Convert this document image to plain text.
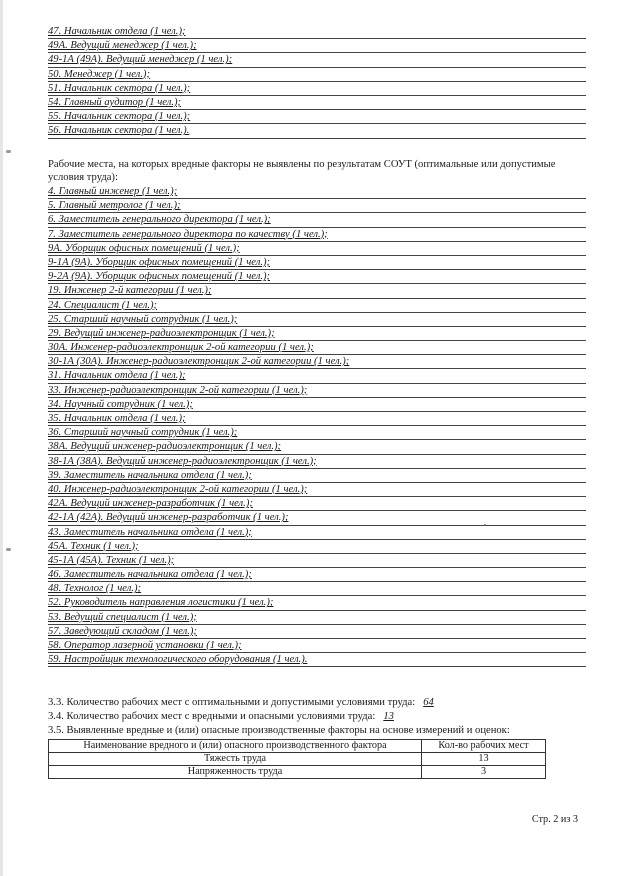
47. Начальник отдела (1 чел.);
49А. Ведущий менеджер (1 чел.);
49-1А (49А). Ведущий менеджер (1 чел.);
50. Менеджер (1 чел.);
51. Начальник сектора (1 чел.);
54. Главный аудитор (1 чел.);
55. Начальник сектора (1 чел.);
56. Начальник сектора (1 чел.).
Рабочие места, на которых вредные факторы не выявлены по результатам СОУТ (оптимальные или допустимые условия труда):
4. Главный инженер (1 чел.);
5. Главный метролог (1 чел.);
6. Заместитель генерального директора (1 чел.);
7. Заместитель генерального директора по качеству (1 чел.);
9А. Уборщик офисных помещений (1 чел.);
9-1А (9А). Уборщик офисных помещений (1 чел.);
9-2А (9А). Уборщик офисных помещений (1 чел.);
19. Инженер 2-й категории (1 чел.);
24. Специалист (1 чел.);
25. Старший научный сотрудник (1 чел.);
29. Ведущий инженер-радиоэлектронщик (1 чел.);
30А. Инженер-радиоэлектронщик 2-ой категории (1 чел.);
30-1А (30А). Инженер-радиоэлектронщик 2-ой категории (1 чел.);
31. Начальник отдела (1 чел.);
33. Инженер-радиоэлектронщик 2-ой категории (1 чел.);
34. Научный сотрудник (1 чел.);
35. Начальник отдела (1 чел.);
36. Старший научный сотрудник (1 чел.);
38А. Ведущий инженер-радиоэлектронщик (1 чел.);
38-1А (38А). Ведущий инженер-радиоэлектронщик (1 чел.);
39. Заместитель начальника отдела (1 чел.);
40. Инженер-радиоэлектронщик 2-ой категории (1 чел.);
42А. Ведущий инженер-разработчик (1 чел.);
42-1А (42А). Ведущий инженер-разработчик (1 чел.);
43. Заместитель начальника отдела (1 чел.);
45А. Техник (1 чел.);
45-1А (45А). Техник (1 чел.);
46. Заместитель начальника отдела (1 чел.);
48. Технолог (1 чел.);
52. Руководитель направления логистики (1 чел.);
53. Ведущий специалист (1 чел.);
57. Заведующий складом (1 чел.);
58. Оператор лазерной установки (1 чел.);
59. Настройщик технологического оборудования (1 чел.).
3.3. Количество рабочих мест с оптимальными и допустимыми условиями труда: 64
3.4. Количество рабочих мест с вредными и опасными условиями труда: 13
3.5. Выявленные вредные и (или) опасные производственные факторы на основе измерений и оценок:
Наименование вредного и (или) опасного производственного фактора	Кол-во рабочих мест
Тяжесть труда	13
Напряженность труда	3
Стр. 2 из 3
